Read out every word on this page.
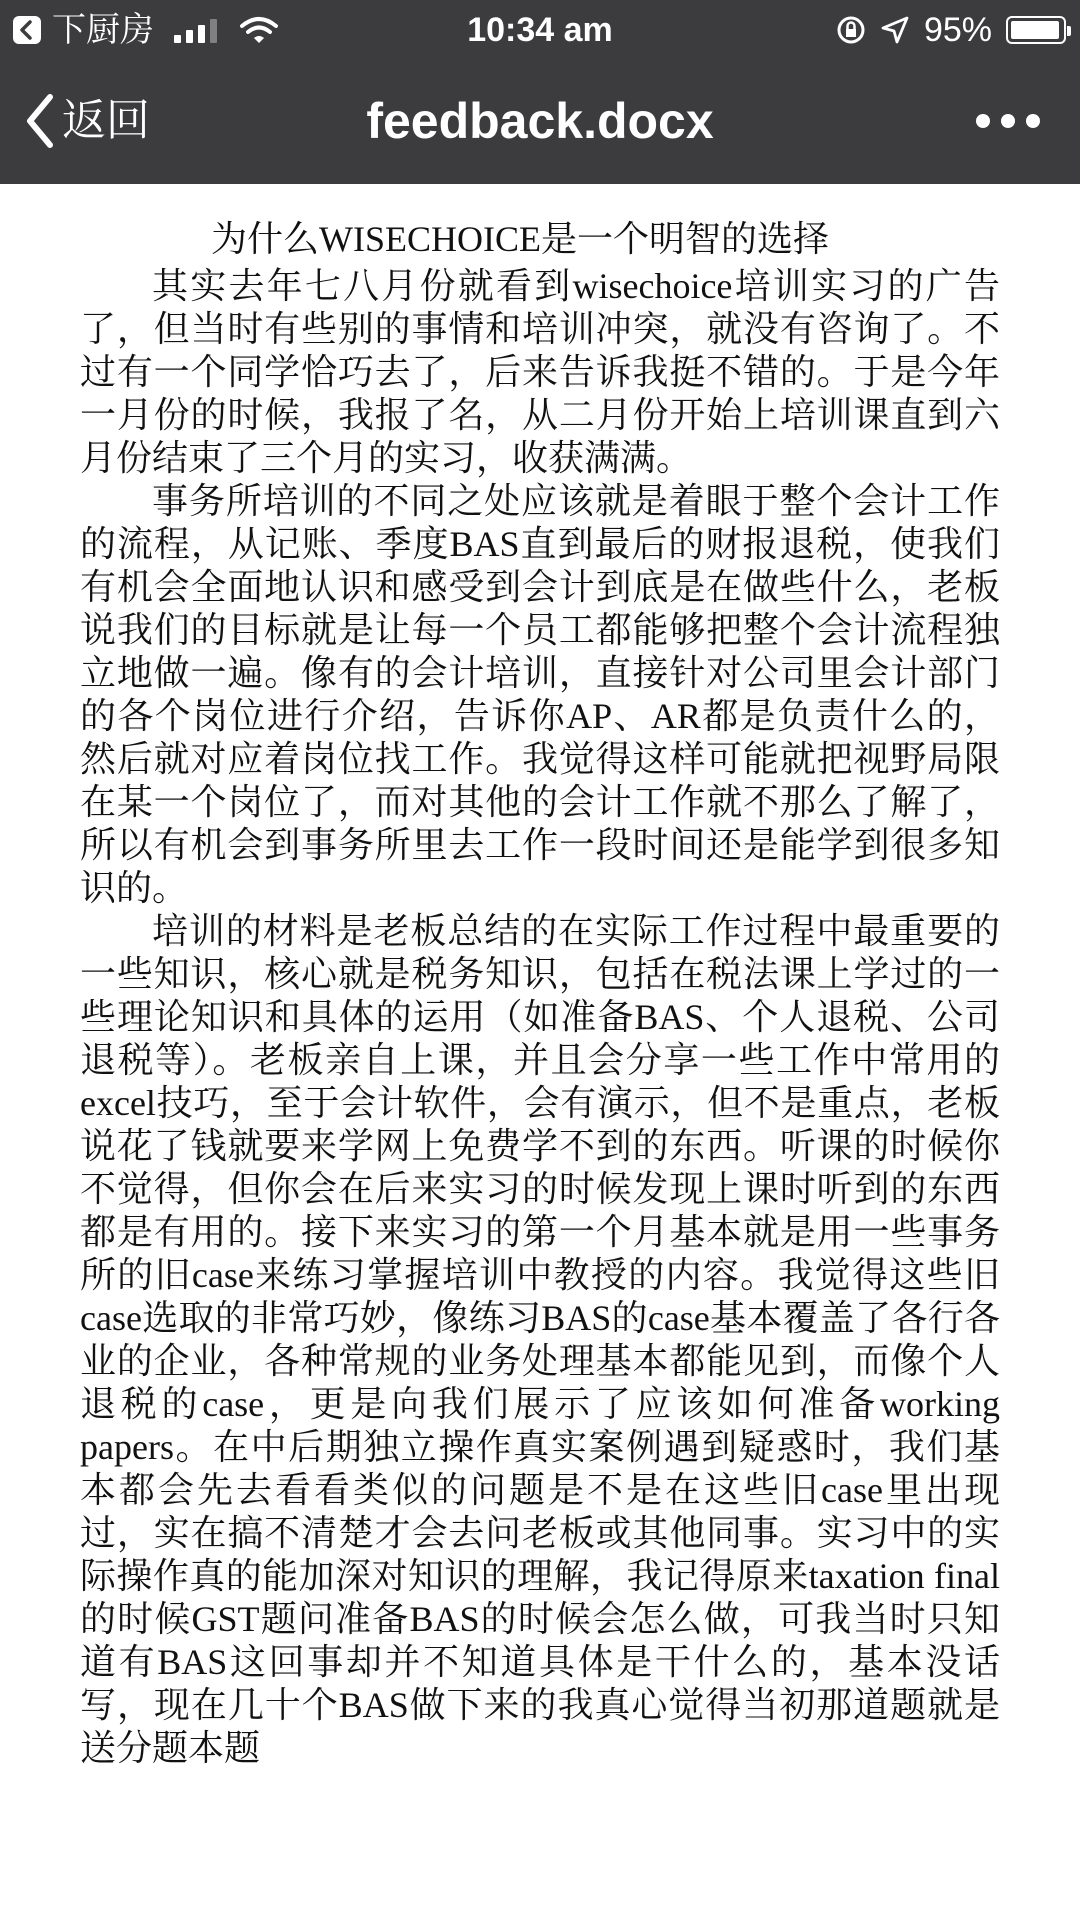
下厨房	10:34 am	95%
返回	feedback.docx
为什么WISECHOICE是一个明智的选择

其实去年七八月份就看到wisechoice培训实习的广告了，但当时有些别的事情和培训冲突，就没有咨询了。不过有一个同学恰巧去了，后来告诉我挺不错的。于是今年一月份的时候，我报了名，从二月份开始上培训课直到六月份结束了三个月的实习，收获满满。

事务所培训的不同之处应该就是着眼于整个会计工作的流程，从记账、季度BAS直到最后的财报退税，使我们有机会全面地认识和感受到会计到底是在做些什么，老板说我们的目标就是让每一个员工都能够把整个会计流程独立地做一遍。像有的会计培训，直接针对公司里会计部门的各个岗位进行介绍，告诉你AP、AR都是负责什么的，然后就对应着岗位找工作。我觉得这样可能就把视野局限在某一个岗位了，而对其他的会计工作就不那么了解了，所以有机会到事务所里去工作一段时间还是能学到很多知识的。

培训的材料是老板总结的在实际工作过程中最重要的一些知识，核心就是税务知识，包括在税法课上学过的一些理论知识和具体的运用（如准备BAS、个人退税、公司退税等）。老板亲自上课，并且会分享一些工作中常用的excel技巧，至于会计软件，会有演示，但不是重点，老板说花了钱就要来学网上免费学不到的东西。听课的时候你不觉得，但你会在后来实习的时候发现上课时听到的东西都是有用的。接下来实习的第一个月基本就是用一些事务所的旧case来练习掌握培训中教授的内容。我觉得这些旧case选取的非常巧妙，像练习BAS的case基本覆盖了各行各业的企业，各种常规的业务处理基本都能见到，而像个人退税的case，更是向我们展示了应该如何准备working papers。在中后期独立操作真实案例遇到疑惑时，我们基本都会先去看看类似的问题是不是在这些旧case里出现过，实在搞不清楚才会去问老板或其他同事。实习中的实际操作真的能加深对知识的理解，我记得原来taxation final的时候GST题问准备BAS的时候会怎么做，可我当时只知道有BAS这回事却并不知道具体是干什么的，基本没话写，现在几十个BAS做下来的我真心觉得当初那道题就是送分题本题
